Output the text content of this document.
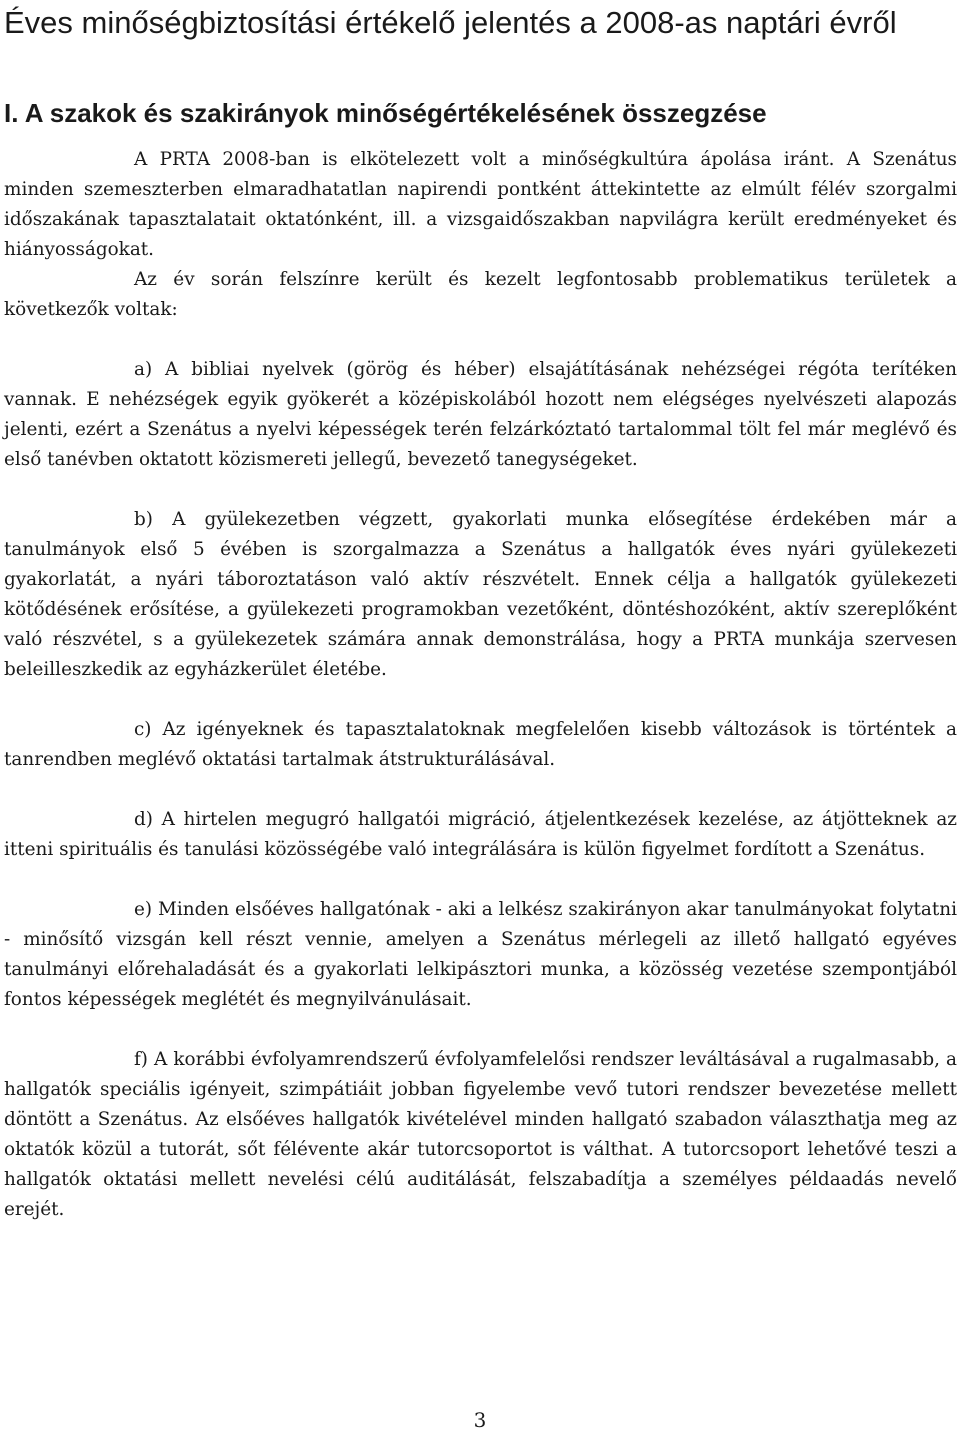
Éves minőségbiztosítási értékelő jelentés a 2008-as naptári évről
I. A szakok és szakirányok minőségértékelésének összegzése

A PRTA 2008-ban is elkötelezett volt a minőségkultúra ápolása iránt. A Szenátus minden szemeszterben elmaradhatatlan napirendi pontként áttekintette az elmúlt félév szorgalmi időszakának tapasztalatait oktatónként, ill. a vizsgaidőszakban napvilágra került eredményeket és hiányosságokat.

Az év során felszínre került és kezelt legfontosabb problematikus területek a következők voltak:

a) A bibliai nyelvek (görög és héber) elsajátításának nehézségei régóta terítéken vannak. E nehézségek egyik gyökerét a középiskolából hozott nem elégséges nyelvészeti alapozás jelenti, ezért a Szenátus a nyelvi képességek terén felzárkóztató tartalommal tölt fel már meglévő és első tanévben oktatott közismereti jellegű, bevezető tanegységeket.

b) A gyülekezetben végzett, gyakorlati munka elősegítése érdekében már a tanulmányok első 5 évében is szorgalmazza a Szenátus a hallgatók éves nyári gyülekezeti gyakorlatát, a nyári táboroztatáson való aktív részvételt. Ennek célja a hallgatók gyülekezeti kötődésének erősítése, a gyülekezeti programokban vezetőként, döntéshozóként, aktív szereplőként való részvétel, s a gyülekezetek számára annak demonstrálása, hogy a PRTA munkája szervesen beleilleszkedik az egyházkerület életébe.

c) Az igényeknek és tapasztalatoknak megfelelően kisebb változások is történtek a tanrendben meglévő oktatási tartalmak átstrukturálásával.

d) A hirtelen megugró hallgatói migráció, átjelentkezések kezelése, az átjötteknek az itteni spirituális és tanulási közösségébe való integrálására is külön figyelmet fordított a Szenátus.

e) Minden elsőéves hallgatónak - aki a lelkész szakirányon akar tanulmányokat folytatni - minősítő vizsgán kell részt vennie, amelyen a Szenátus mérlegeli az illető hallgató egyéves tanulmányi előrehaladását és a gyakorlati lelkipásztori munka, a közösség vezetése szempontjából fontos képességek meglétét és megnyilvánulásait.

f) A korábbi évfolyamrendszerű évfolyamfelelősi rendszer leváltásával a rugalmasabb, a hallgatók speciális igényeit, szimpátiáit jobban figyelembe vevő tutori rendszer bevezetése mellett döntött a Szenátus. Az elsőéves hallgatók kivételével minden hallgató szabadon választhatja meg az oktatók közül a tutorát, sőt félévente akár tutorcsoportot is válthat. A tutorcsoport lehetővé teszi a hallgatók oktatási mellett nevelési célú auditálását, felszabadítja a személyes példaadás nevelő erejét.

3
